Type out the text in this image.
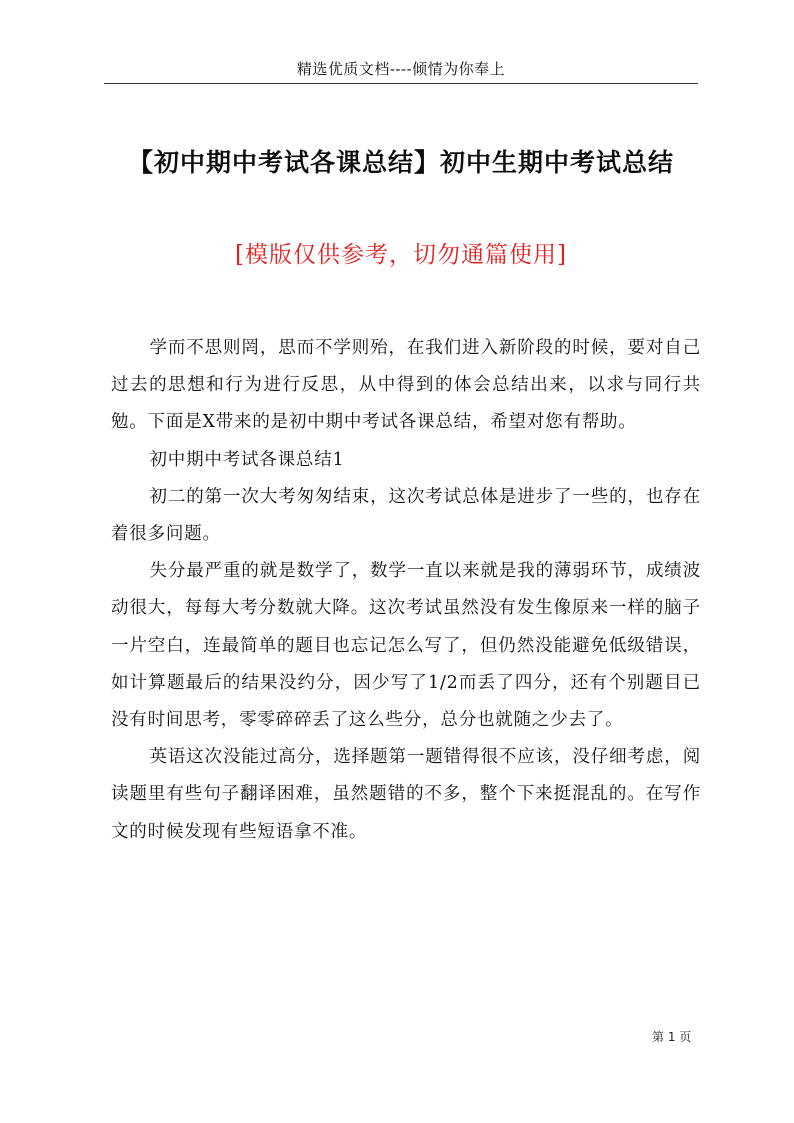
精选优质文档----倾情为你奉上
【初中期中考试各课总结】初中生期中考试总结
[模版仅供参考，切勿通篇使用]

学而不思则罔，思而不学则殆，在我们进入新阶段的时候，要对自己过去的思想和行为进行反思，从中得到的体会总结出来，以求与同行共勉。下面是X带来的是初中期中考试各课总结，希望对您有帮助。

初中期中考试各课总结1

初二的第一次大考匆匆结束，这次考试总体是进步了一些的，也存在着很多问题。

失分最严重的就是数学了，数学一直以来就是我的薄弱环节，成绩波动很大，每每大考分数就大降。这次考试虽然没有发生像原来一样的脑子一片空白，连最简单的题目也忘记怎么写了，但仍然没能避免低级错误，如计算题最后的结果没约分，因少写了1/2而丢了四分，还有个别题目已没有时间思考，零零碎碎丢了这么些分，总分也就随之少去了。

英语这次没能过高分，选择题第一题错得很不应该，没仔细考虑，阅读题里有些句子翻译困难，虽然题错的不多，整个下来挺混乱的。在写作文的时候发现有些短语拿不准。

第 1 页
